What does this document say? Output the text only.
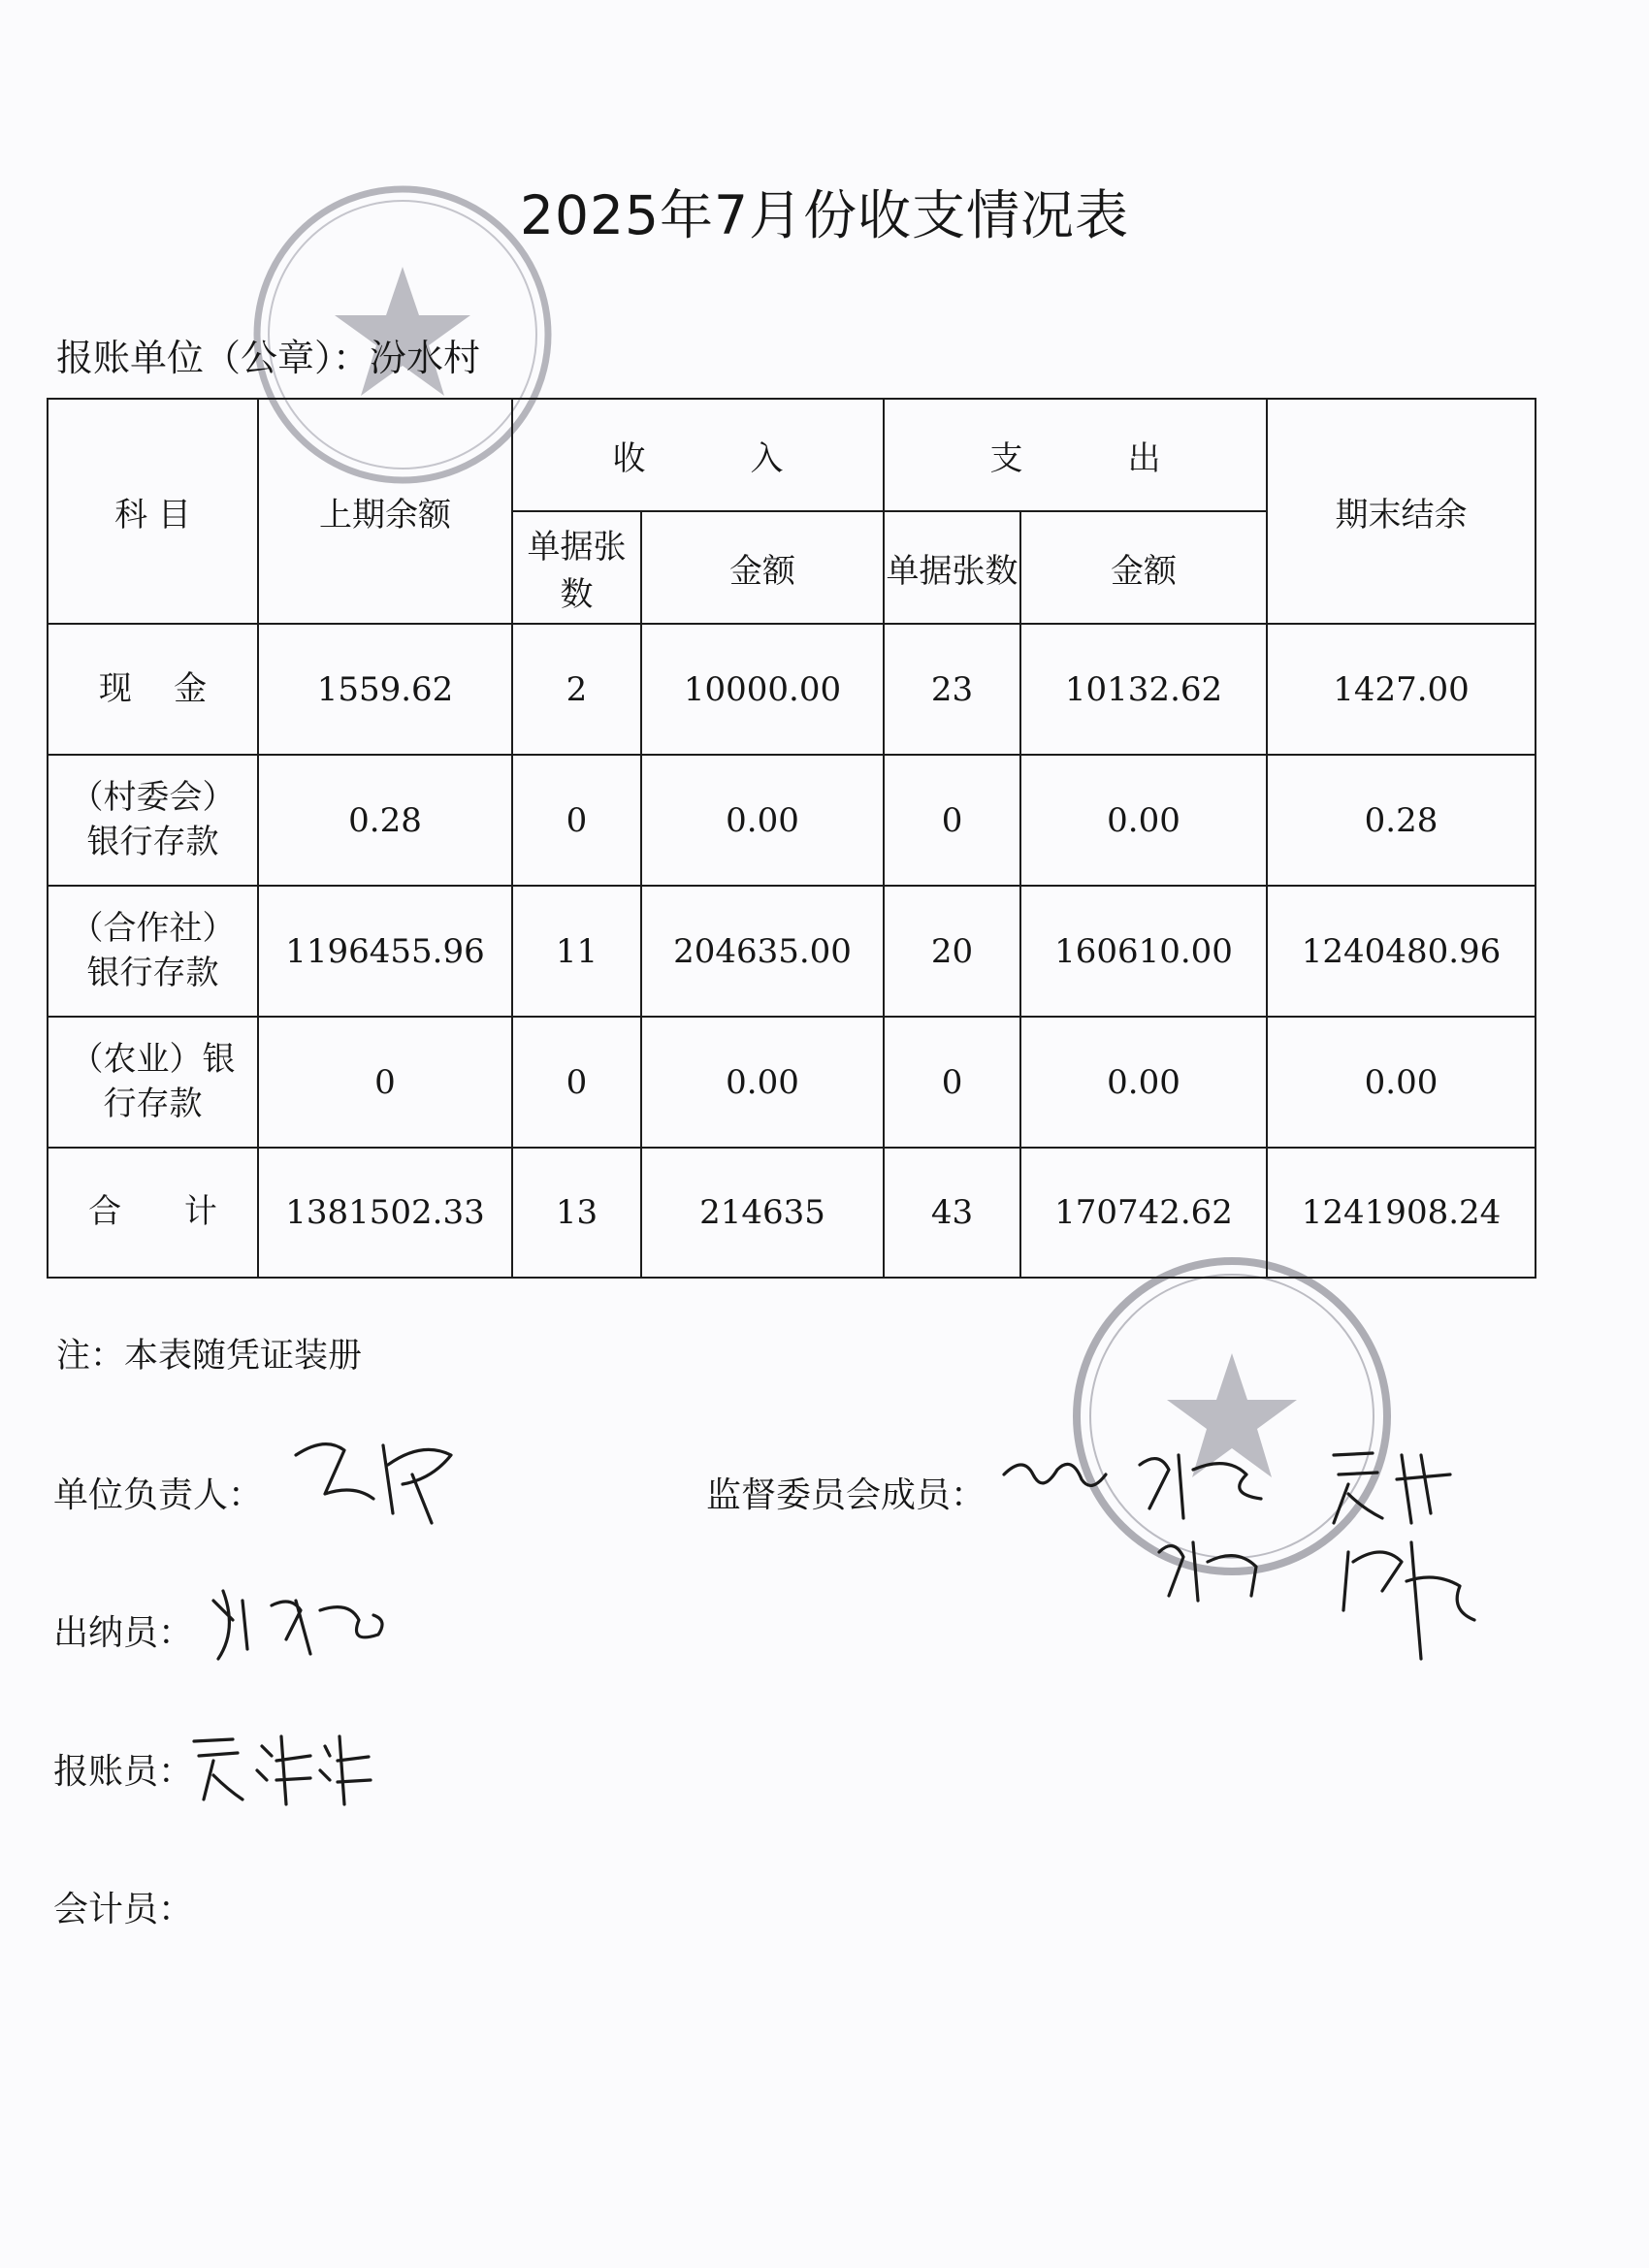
2025年7月份收支情况表
报账单位（公章）：汾水村
科 目	上期余额	收          入		支          出		期末结余
		单据张数	金额	单据张数	金额	
现    金	1559.62	2	10000.00	23	10132.62	1427.00

（村委会）
银行存款	0.28	0	0.00	0	0.00	0.28

（合作社）
银行存款	1196455.96	11	204635.00	20	160610.00	1240480.96

（农业）银
行存款	0	0	0.00	0	0.00	0.00
合      计	1381502.33	13	214635	43	170742.62	1241908.24
注：本表随凭证装册
单位负责人：	监督委员会成员：
出纳员：
报账员：
会计员：
